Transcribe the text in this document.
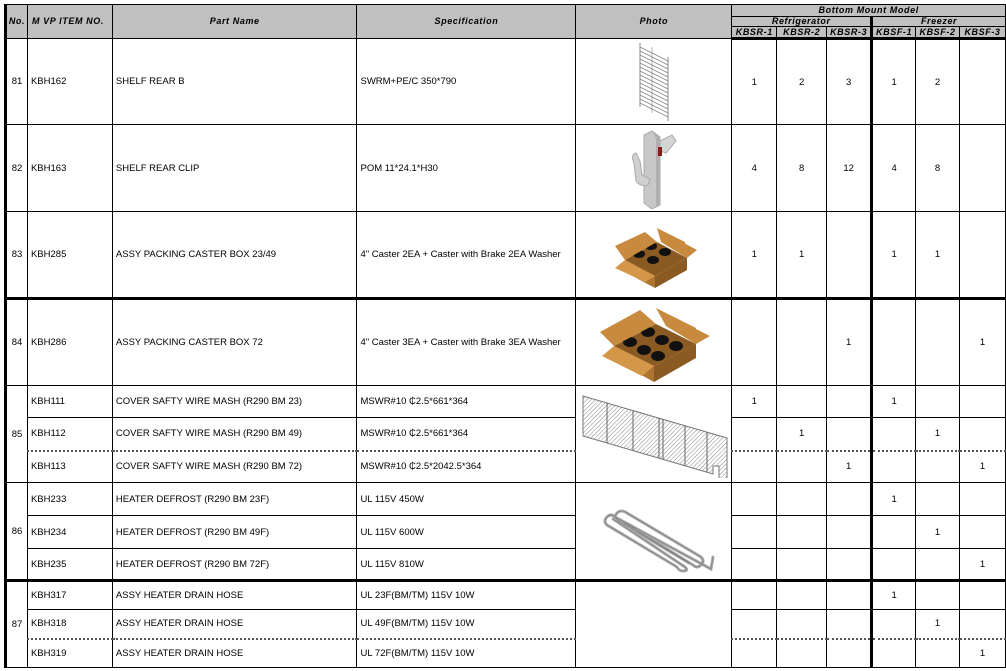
No.	M VP ITEM NO.	Part Name	Specification	Photo	Bottom Mount Model					
					Refrigerator			Freezer		
					KBSR-1	KBSR-2	KBSR-3	KBSF-1	KBSF-2	KBSF-3
81	KBH162	SHELF REAR B	SWRM+PE/C 350*790		1	2	3	1	2	
82	KBH163	SHELF REAR CLIP	POM 11*24.1*H30		4	8	12	4	8	
83	KBH285	ASSY PACKING CASTER BOX 23/49	4" Caster 2EA + Caster with Brake 2EA Washer		1	1		1	1	
84	KBH286	ASSY PACKING CASTER BOX 72	4" Caster 3EA + Caster with Brake 3EA Washer				1			1
85	KBH111	COVER SAFTY WIRE MASH (R290 BM 23)	MSWR#10 ₵2.5*661*364		1			1		
	KBH112	COVER SAFTY WIRE MASH (R290 BM 49)	MSWR#10 ₵2.5*661*364			1			1	
	KBH113	COVER SAFTY WIRE MASH (R290 BM 72)	MSWR#10 ₵2.5*2042.5*364				1			1
86	KBH233	HEATER DEFROST (R290 BM 23F)	UL 115V 450W					1		
	KBH234	HEATER DEFROST (R290 BM 49F)	UL 115V 600W						1	
	KBH235	HEATER DEFROST (R290 BM 72F)	UL 115V 810W							1
87	KBH317	ASSY HEATER DRAIN HOSE	UL 23F(BM/TM) 115V 10W					1		
	KBH318	ASSY HEATER DRAIN HOSE	UL 49F(BM/TM) 115V 10W						1	
	KBH319	ASSY HEATER DRAIN HOSE	UL 72F(BM/TM) 115V 10W							1
